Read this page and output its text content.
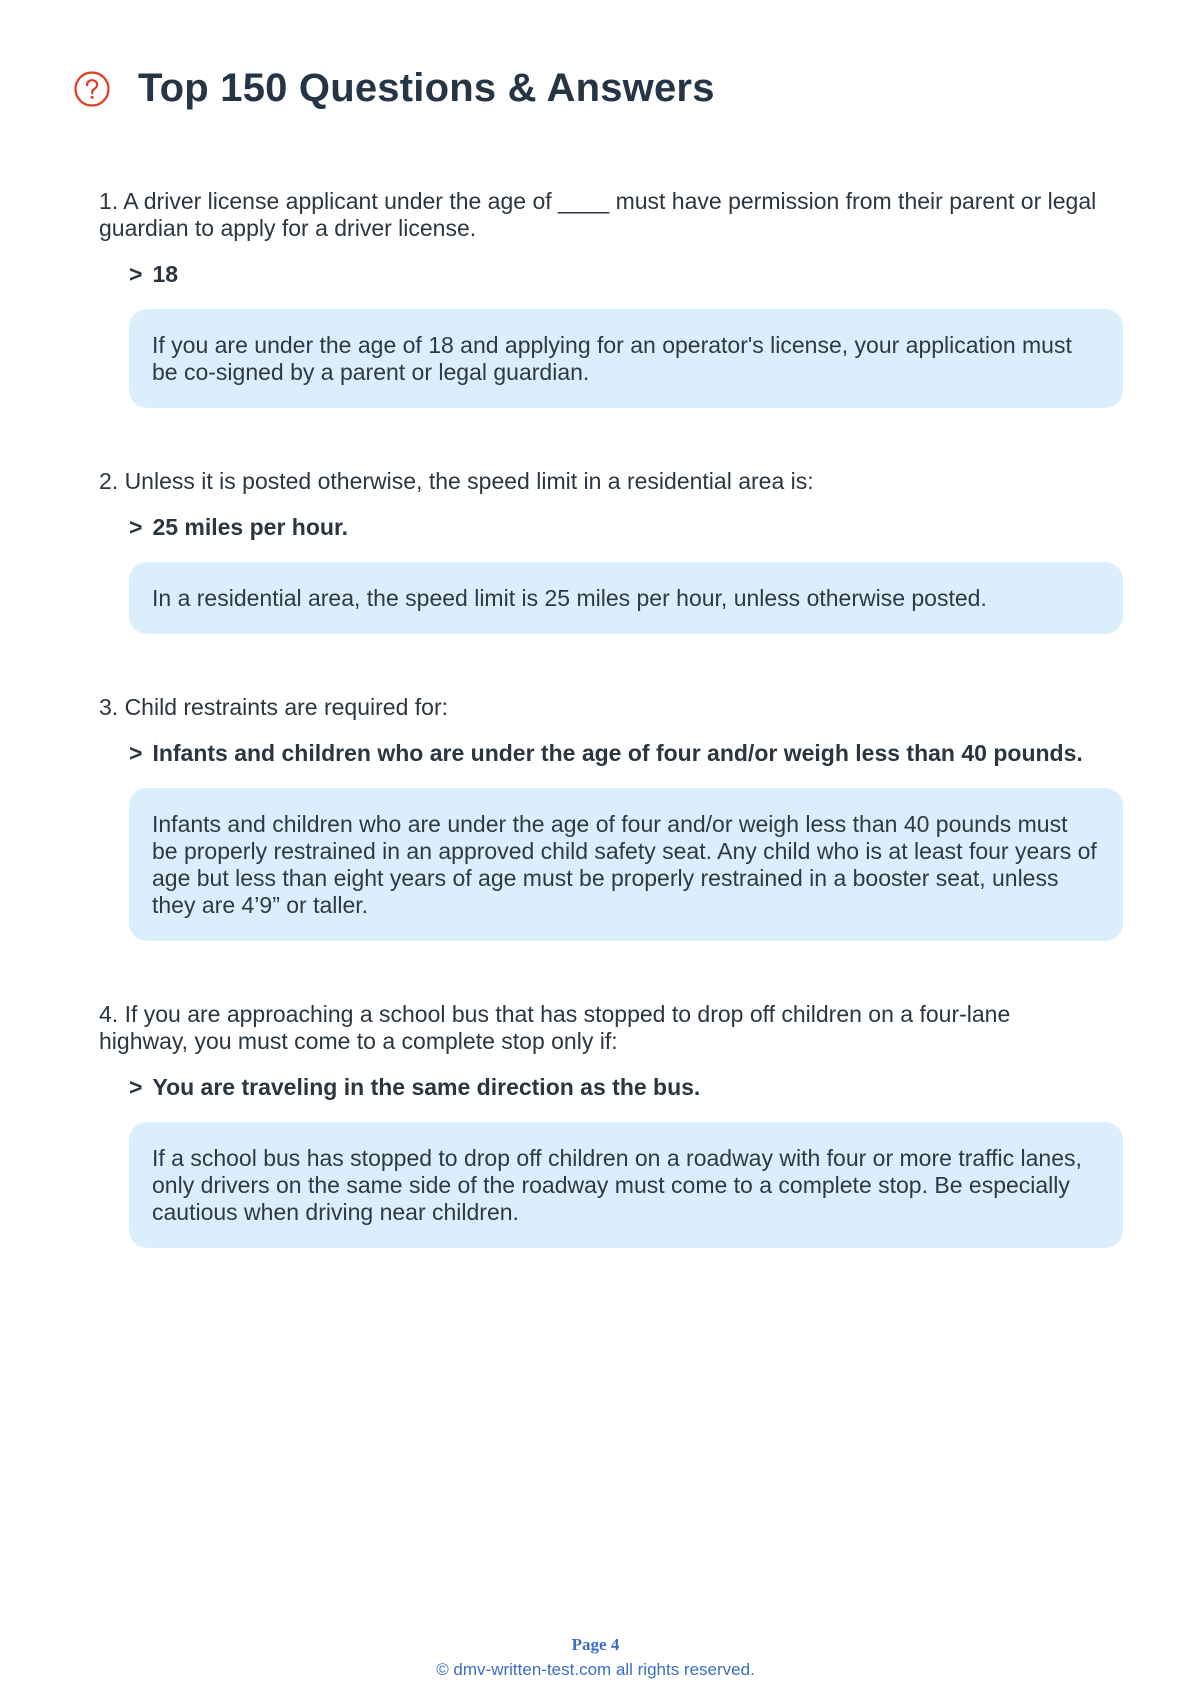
Top 150 Questions & Answers
1. A driver license applicant under the age of ____ must have permission from their parent or legal guardian to apply for a driver license.
> 18
If you are under the age of 18 and applying for an operator's license, your application must be co-signed by a parent or legal guardian.
2. Unless it is posted otherwise, the speed limit in a residential area is:
> 25 miles per hour.
In a residential area, the speed limit is 25 miles per hour, unless otherwise posted.
3. Child restraints are required for:
> Infants and children who are under the age of four and/or weigh less than 40 pounds.
Infants and children who are under the age of four and/or weigh less than 40 pounds must be properly restrained in an approved child safety seat. Any child who is at least four years of age but less than eight years of age must be properly restrained in a booster seat, unless they are 4’9” or taller.
4. If you are approaching a school bus that has stopped to drop off children on a four-lane highway, you must come to a complete stop only if:
> You are traveling in the same direction as the bus.
If a school bus has stopped to drop off children on a roadway with four or more traffic lanes, only drivers on the same side of the roadway must come to a complete stop. Be especially cautious when driving near children.
Page 4
© dmv-written-test.com all rights reserved.
